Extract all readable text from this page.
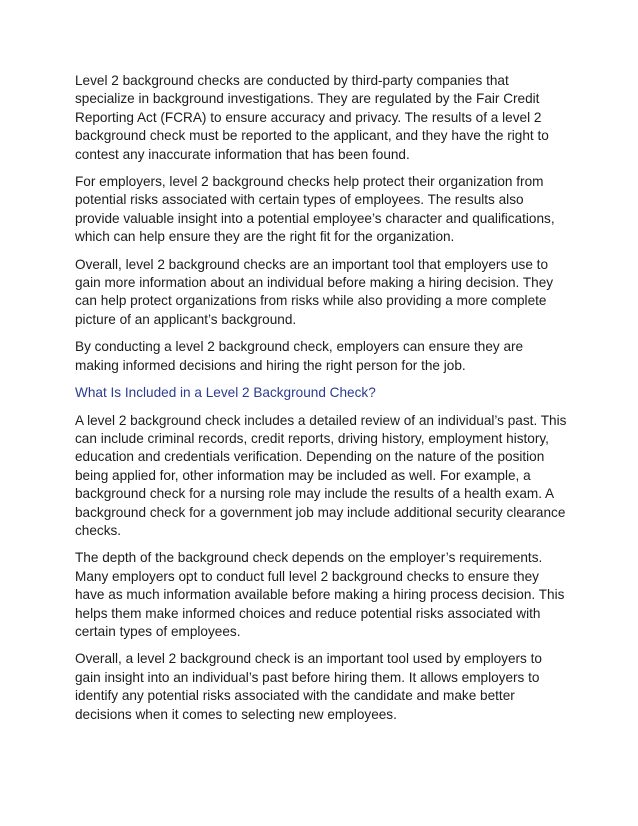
Level 2 background checks are conducted by third-party companies that specialize in background investigations. They are regulated by the Fair Credit Reporting Act (FCRA) to ensure accuracy and privacy. The results of a level 2 background check must be reported to the applicant, and they have the right to contest any inaccurate information that has been found.

For employers, level 2 background checks help protect their organization from potential risks associated with certain types of employees. The results also provide valuable insight into a potential employee’s character and qualifications, which can help ensure they are the right fit for the organization.

Overall, level 2 background checks are an important tool that employers use to gain more information about an individual before making a hiring decision. They can help protect organizations from risks while also providing a more complete picture of an applicant’s background.

By conducting a level 2 background check, employers can ensure they are making informed decisions and hiring the right person for the job.

What Is Included in a Level 2 Background Check?

A level 2 background check includes a detailed review of an individual’s past. This can include criminal records, credit reports, driving history, employment history, education and credentials verification. Depending on the nature of the position being applied for, other information may be included as well. For example, a background check for a nursing role may include the results of a health exam. A background check for a government job may include additional security clearance checks.

The depth of the background check depends on the employer’s requirements. Many employers opt to conduct full level 2 background checks to ensure they have as much information available before making a hiring process decision. This helps them make informed choices and reduce potential risks associated with certain types of employees.

Overall, a level 2 background check is an important tool used by employers to gain insight into an individual’s past before hiring them. It allows employers to identify any potential risks associated with the candidate and make better decisions when it comes to selecting new employees.
